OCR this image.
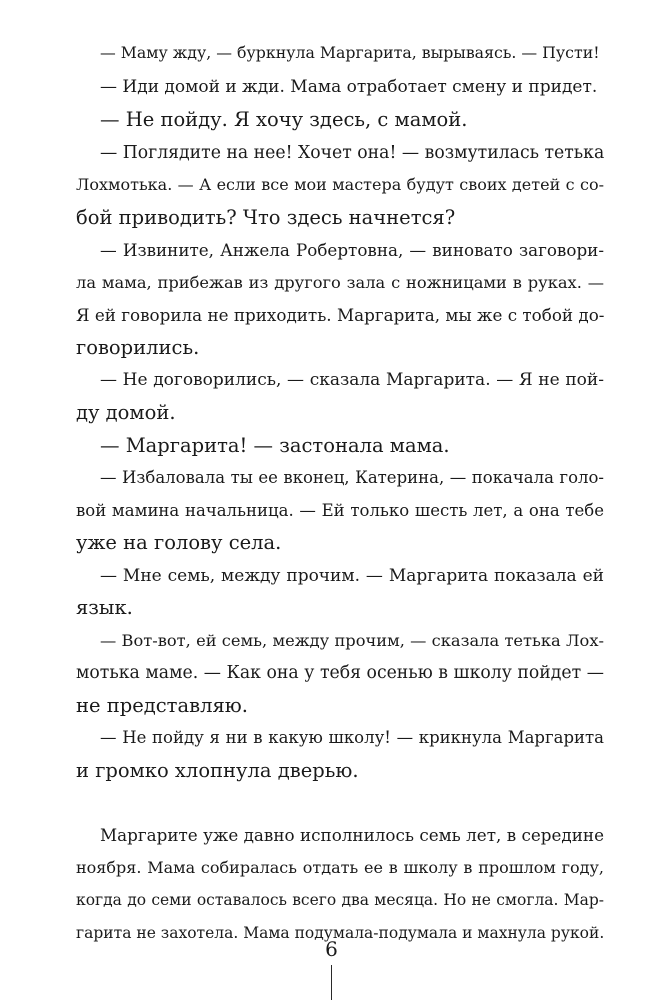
— Маму жду, — буркнула Маргарита, вырываясь. — Пусти!
— Иди домой и жди. Мама отработает смену и придет.
— Не пойду. Я хочу здесь, с мамой.
— Поглядите на нее! Хочет она! — возмутилась тетька
Лохмотька. — А если все мои мастера будут своих детей с со-
бой приводить? Что здесь начнется?
— Извините, Анжела Робертовна, — виновато заговори-
ла мама, прибежав из другого зала с ножницами в руках. —
Я ей говорила не приходить. Маргарита, мы же с тобой до-
говорились.
— Не договорились, — сказала Маргарита. — Я не пой-
ду домой.
— Маргарита! — застонала мама.
— Избаловала ты ее вконец, Катерина, — покачала голо-
вой мамина начальница. — Ей только шесть лет, а она тебе
уже на голову села.
— Мне семь, между прочим. — Маргарита показала ей
язык.
— Вот-вот, ей семь, между прочим, — сказала тетька Лох-
мотька маме. — Как она у тебя осенью в школу пойдет —
не представляю.
— Не пойду я ни в какую школу! — крикнула Маргарита
и громко хлопнула дверью.
Маргарите уже давно исполнилось семь лет, в середине
ноября. Мама собиралась отдать ее в школу в прошлом году,
когда до семи оставалось всего два месяца. Но не смогла. Мар-
гарита не захотела. Мама подумала-подумала и махнула рукой.
6
